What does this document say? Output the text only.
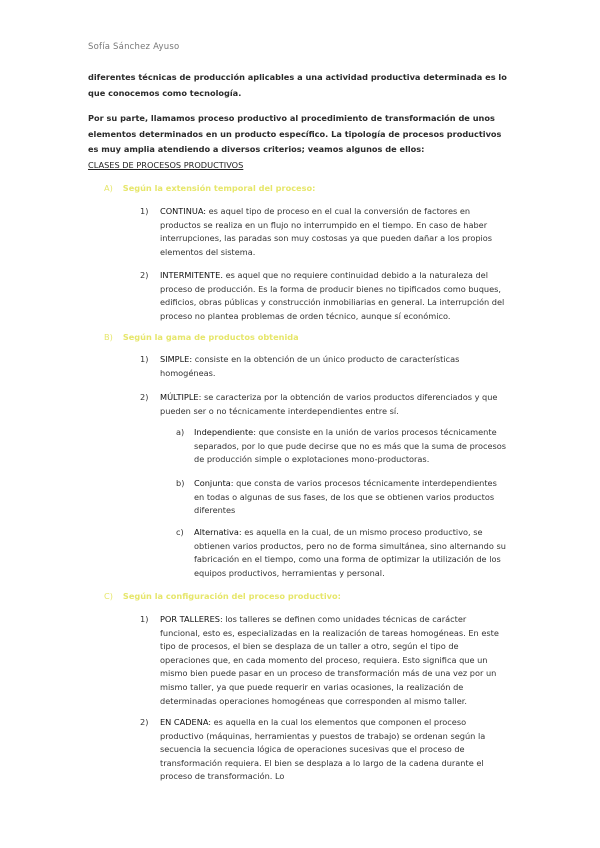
Sofía Sánchez Ayuso
diferentes técnicas de producción aplicables a una actividad productiva determinada es lo que conocemos como tecnología.
Por su parte, llamamos proceso productivo al procedimiento de transformación de unos elementos determinados en un producto específico. La tipología de procesos productivos es muy amplia atendiendo a diversos criterios; veamos algunos de ellos:
CLASES DE PROCESOS PRODUCTIVOS
A) Según la extensión temporal del proceso:
1) CONTINUA: es aquel tipo de proceso en el cual la conversión de factores en productos se realiza en un flujo no interrumpido en el tiempo. En caso de haber interrupciones, las paradas son muy costosas ya que pueden dañar a los propios elementos del sistema.
2) INTERMITENTE. es aquel que no requiere continuidad debido a la naturaleza del proceso de producción. Es la forma de producir bienes no tipificados como buques, edificios, obras públicas y construcción inmobiliarias en general. La interrupción del proceso no plantea problemas de orden técnico, aunque sí económico.
B) Según la gama de productos obtenida
1) SIMPLE: consiste en la obtención de un único producto de características homogéneas.
2) MÚLTIPLE: se caracteriza por la obtención de varios productos diferenciados y que pueden ser o no técnicamente interdependientes entre sí.
a) Independiente: que consiste en la unión de varios procesos técnicamente separados, por lo que pude decirse que no es más que la suma de procesos de producción simple o explotaciones mono-productoras.
b) Conjunta: que consta de varios procesos técnicamente interdependientes en todas o algunas de sus fases, de los que se obtienen varios productos diferentes
c) Alternativa: es aquella en la cual, de un mismo proceso productivo, se obtienen varios productos, pero no de forma simultánea, sino alternando su fabricación en el tiempo, como una forma de optimizar la utilización de los equipos productivos, herramientas y personal.
C) Según la configuración del proceso productivo:
1) POR TALLERES: los talleres se definen como unidades técnicas de carácter funcional, esto es, especializadas en la realización de tareas homogéneas. En este tipo de procesos, el bien se desplaza de un taller a otro, según el tipo de operaciones que, en cada momento del proceso, requiera. Esto significa que un mismo bien puede pasar en un proceso de transformación más de una vez por un mismo taller, ya que puede requerir en varias ocasiones, la realización de determinadas operaciones homogéneas que corresponden al mismo taller.
2) EN CADENA: es aquella en la cual los elementos que componen el proceso productivo (máquinas, herramientas y puestos de trabajo) se ordenan según la secuencia la secuencia lógica de operaciones sucesivas que el proceso de transformación requiera. El bien se desplaza a lo largo de la cadena durante el proceso de transformación. Lo
